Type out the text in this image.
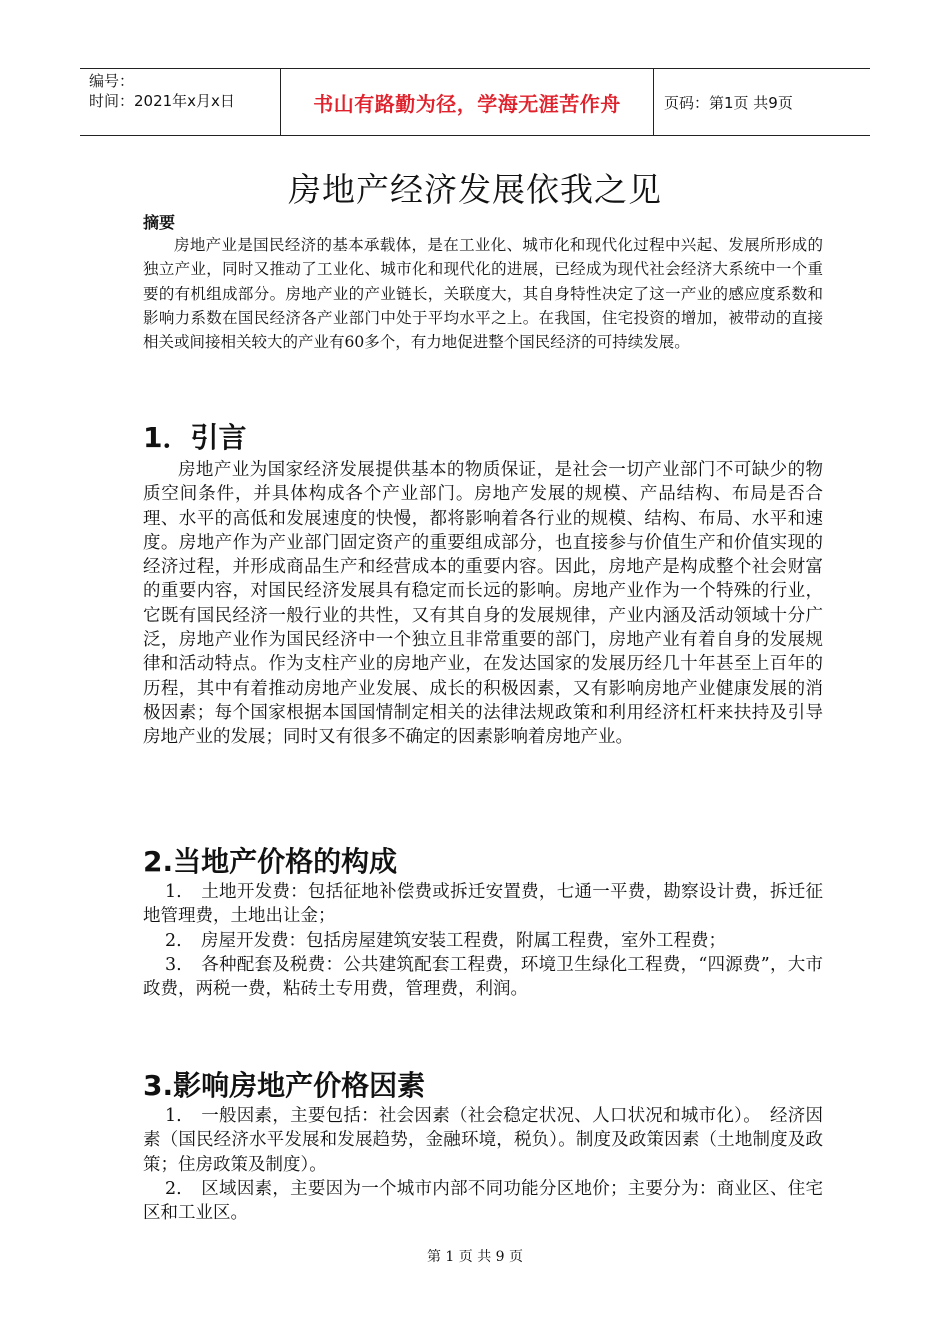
编号：
时间：2021年x月x日	书山有路勤为径，学海无涯苦作舟	页码：第1页 共9页
房地产经济发展依我之见
摘要

房地产业是国民经济的基本承载体，是在工业化、城市化和现代化过程中兴起、发展所形成的独立产业，同时又推动了工业化、城市化和现代化的进展，已经成为现代社会经济大系统中一个重要的有机组成部分。房地产业的产业链长，关联度大，其自身特性决定了这一产业的感应度系数和影响力系数在国民经济各产业部门中处于平均水平之上。在我国，住宅投资的增加，被带动的直接相关或间接相关较大的产业有60多个，有力地促进整个国民经济的可持续发展。

1．引言

房地产业为国家经济发展提供基本的物质保证，是社会一切产业部门不可缺少的物质空间条件，并具体构成各个产业部门。房地产发展的规模、产品结构、布局是否合理、水平的高低和发展速度的快慢，都将影响着各行业的规模、结构、布局、水平和速度。房地产作为产业部门固定资产的重要组成部分，也直接参与价值生产和价值实现的经济过程，并形成商品生产和经营成本的重要内容。因此，房地产是构成整个社会财富的重要内容，对国民经济发展具有稳定而长远的影响。房地产业作为一个特殊的行业，它既有国民经济一般行业的共性，又有其自身的发展规律，产业内涵及活动领域十分广泛，房地产业作为国民经济中一个独立且非常重要的部门，房地产业有着自身的发展规律和活动特点。作为支柱产业的房地产业，在发达国家的发展历经几十年甚至上百年的历程，其中有着推动房地产业发展、成长的积极因素，又有影响房地产业健康发展的消极因素；每个国家根据本国国情制定相关的法律法规政策和利用经济杠杆来扶持及引导房地产业的发展；同时又有很多不确定的因素影响着房地产业。

2.当地产价格的构成
1. 土地开发费：包括征地补偿费或拆迁安置费，七通一平费，勘察设计费，拆迁征地管理费，土地出让金；
2. 房屋开发费：包括房屋建筑安装工程费，附属工程费，室外工程费；
3. 各种配套及税费：公共建筑配套工程费，环境卫生绿化工程费，“四源费”，大市政费，两税一费，粘砖土专用费，管理费，利润。
3.影响房地产价格因素
1. 一般因素，主要包括：社会因素（社会稳定状况、人口状况和城市化）。　经济因素（国民经济水平发展和发展趋势，金融环境，税负）。制度及政策因素（土地制度及政策；住房政策及制度）。
2. 区域因素，主要因为一个城市内部不同功能分区地价；主要分为：商业区、住宅区和工业区。
第 1 页 共 9 页
